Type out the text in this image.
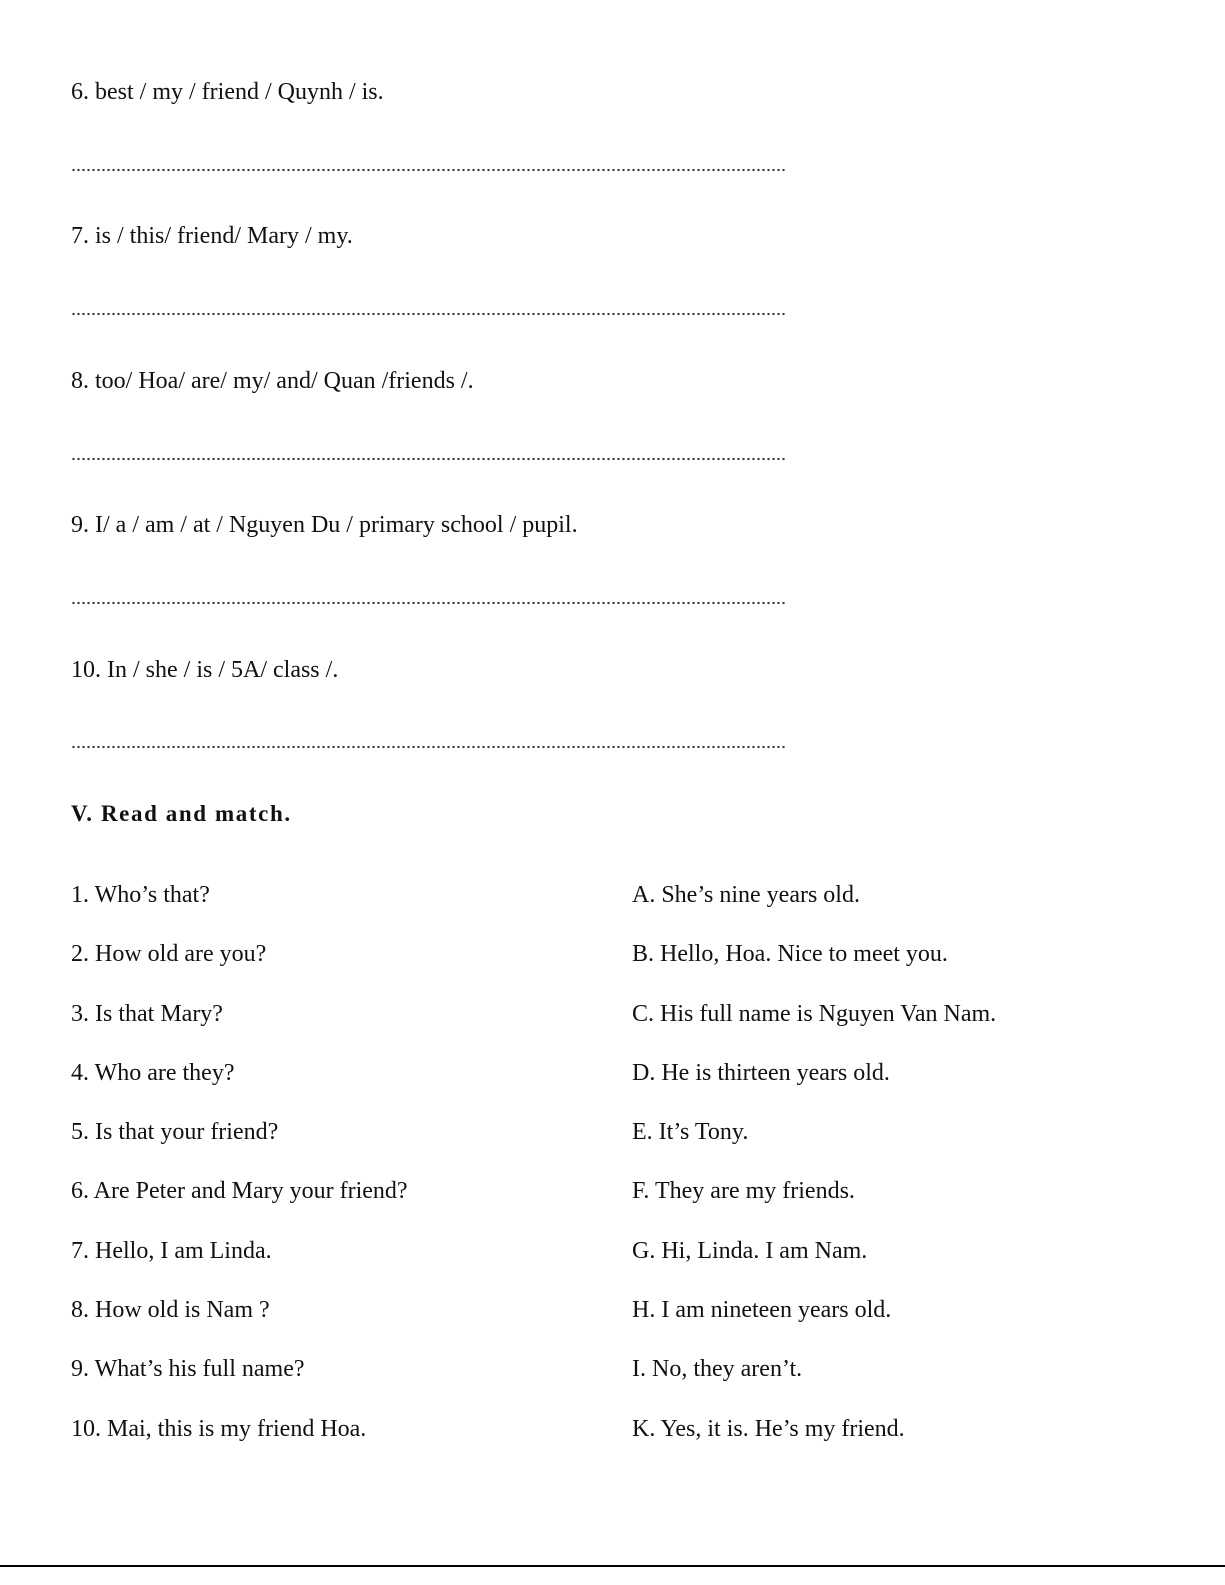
6. best / my / friend / Quynh / is.
7. is / this/ friend/ Mary / my.
8. too/ Hoa/ are/ my/ and/ Quan /friends /.
9. I/ a / am / at / Nguyen Du / primary school / pupil.
10. In / she / is / 5A/ class /.
V. Read and match.
1. Who’s that?	A. She’s nine years old.
2. How old are you?	B. Hello, Hoa. Nice to meet you.
3. Is that Mary?	C. His full name is Nguyen Van Nam.
4. Who are they?	D. He is thirteen years old.
5. Is that your friend?	E. It’s Tony.
6. Are Peter and Mary your friend?	F. They are my friends.
7. Hello, I am Linda.	G. Hi, Linda. I am Nam.
8. How old is Nam ?	H. I am nineteen years old.
9. What’s his full name?	I. No, they aren’t.
10. Mai, this is my friend Hoa.	K. Yes, it is. He’s my friend.
